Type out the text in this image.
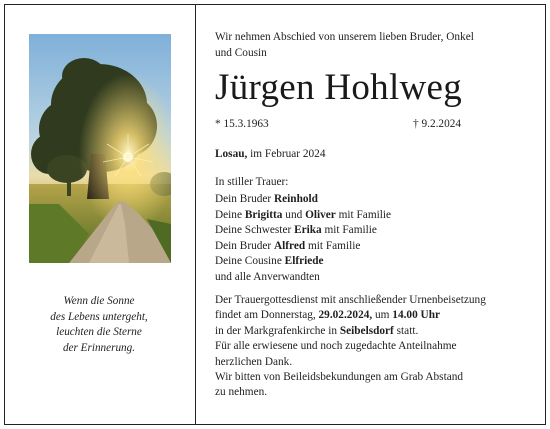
Wenn die Sonne
des Lebens untergeht,
leuchten die Sterne
der Erinnerung.
Wir nehmen Abschied von unserem lieben Bruder, Onkel
und Cousin
Jürgen Hohlweg
* 15.3.1963	† 9.2.2024
Losau, im Februar 2024
In stiller Trauer:
Dein Bruder Reinhold
Deine Brigitta und Oliver mit Familie
Deine Schwester Erika mit Familie
Dein Bruder Alfred mit Familie
Deine Cousine Elfriede
und alle Anverwandten
Der Trauergottesdienst mit anschließender Urnenbeisetzung
findet am Donnerstag, 29.02.2024, um 14.00 Uhr
in der Markgrafenkirche in Seibelsdorf statt.
Für alle erwiesene und noch zugedachte Anteilnahme
herzlichen Dank.
Wir bitten von Beileidsbekundungen am Grab Abstand
zu nehmen.
